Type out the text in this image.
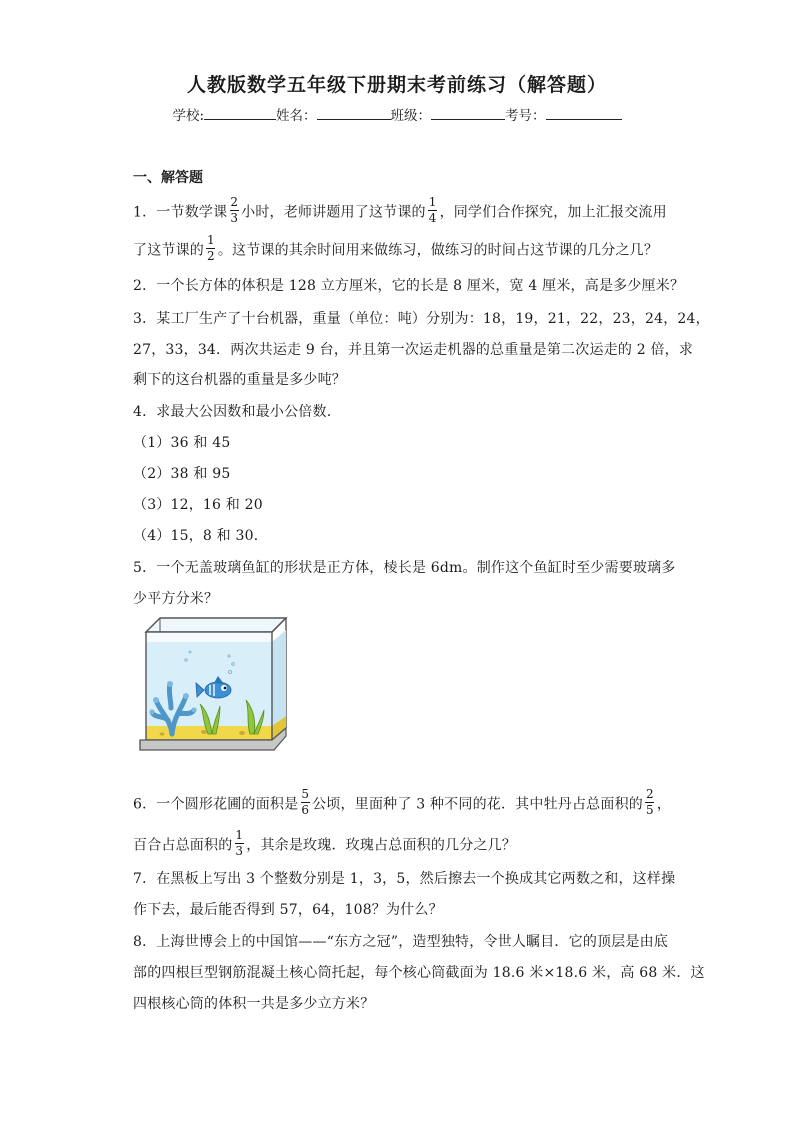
人教版数学五年级下册期末考前练习（解答题）
学校:	姓名：	班级：	考号：
一、解答题
1．一节数学课 $\frac{2}{3}$ 小时，老师讲题用了这节课的 $\frac{1}{4}$ ，同学们合作探究，加上汇报交流用
了这节课的 $\frac{1}{2}$ 。这节课的其余时间用来做练习，做练习的时间占这节课的几分之几？
2．一个长方体的体积是 128 立方厘米，它的长是 8 厘米，宽 4 厘米，高是多少厘米？
3．某工厂生产了十台机器，重量（单位：吨）分别为：18，19，21，22，23，24，24，
27，33，34．两次共运走 9 台，并且第一次运走机器的总重量是第二次运走的 2 倍，求
剩下的这台机器的重量是多少吨？
4．求最大公因数和最小公倍数.
（1）36 和 45
（2）38 和 95
（3）12，16 和 20
（4）15，8 和 30．
5．一个无盖玻璃鱼缸的形状是正方体，棱长是 6dm。制作这个鱼缸时至少需要玻璃多
少平方分米？
6．一个圆形花圃的面积是 $\frac{5}{6}$ 公顷，里面种了 3 种不同的花．其中牡丹占总面积的 $\frac{2}{5}$ ，
百合占总面积的 $\frac{1}{3}$ ，其余是玫瑰．玫瑰占总面积的几分之几？
7．在黑板上写出 3 个整数分别是 1，3，5，然后擦去一个换成其它两数之和，这样操
作下去，最后能否得到 57，64，108？为什么？
8．上海世博会上的中国馆——“东方之冠”，造型独特，令世人瞩目．它的顶层是由底
部的四根巨型钢筋混凝土核心筒托起，每个核心筒截面为 18.6 米×18.6 米，高 68 米．这
四根核心筒的体积一共是多少立方米？
